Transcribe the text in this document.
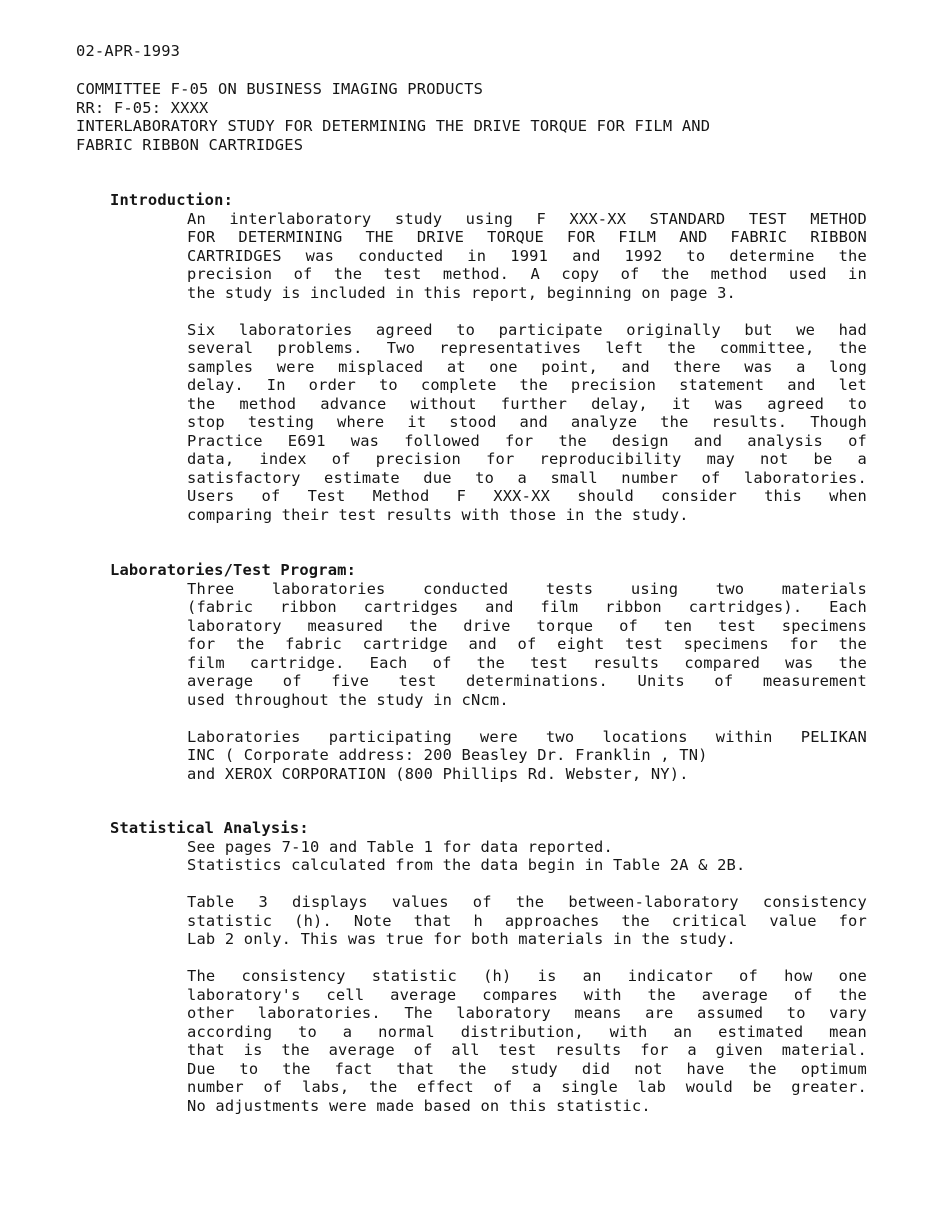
02-APR-1993
COMMITTEE F-05 ON BUSINESS IMAGING PRODUCTS
RR: F-05: XXXX
INTERLABORATORY STUDY FOR DETERMINING THE DRIVE TORQUE FOR FILM AND
FABRIC RIBBON CARTRIDGES
Introduction:
An interlaboratory study using F XXX-XX STANDARD TEST METHOD
FOR DETERMINING THE DRIVE TORQUE FOR FILM AND FABRIC RIBBON
CARTRIDGES was conducted in 1991 and 1992 to determine the
precision of the test method. A copy of the method used in
the study is included in this report, beginning on page 3.
Six laboratories agreed to participate originally but we had
several problems. Two representatives left the committee, the
samples were misplaced at one point, and there was a long
delay. In order to complete the precision statement and let
the method advance without further delay, it was agreed to
stop testing where it stood and analyze the results. Though
Practice E691 was followed for the design and analysis of
data, index of precision for reproducibility may not be a
satisfactory estimate due to a small number of laboratories.
Users of Test Method F XXX-XX should consider this when
comparing their test results with those in the study.
Laboratories/Test Program:
Three laboratories conducted tests using two materials
(fabric ribbon cartridges and film ribbon cartridges). Each
laboratory measured the drive torque of ten test specimens
for the fabric cartridge and of eight test specimens for the
film cartridge. Each of the test results compared was the
average of five test determinations. Units of measurement
used throughout the study in cNcm.
Laboratories participating were two locations within PELIKAN
INC ( Corporate address: 200 Beasley Dr. Franklin , TN)
and XEROX CORPORATION (800 Phillips Rd. Webster, NY).
Statistical Analysis:
See pages 7-10 and Table 1 for data reported.
Statistics calculated from the data begin in Table 2A & 2B.
Table 3 displays values of the between-laboratory consistency
statistic (h). Note that h approaches the critical value for
Lab 2 only. This was true for both materials in the study.
The consistency statistic (h) is an indicator of how one
laboratory's cell average compares with the average of the
other laboratories. The laboratory means are assumed to vary
according to a normal distribution, with an estimated mean
that is the average of all test results for a given material.
Due to the fact that the study did not have the optimum
number of labs, the effect of a single lab would be greater.
No adjustments were made based on this statistic.
